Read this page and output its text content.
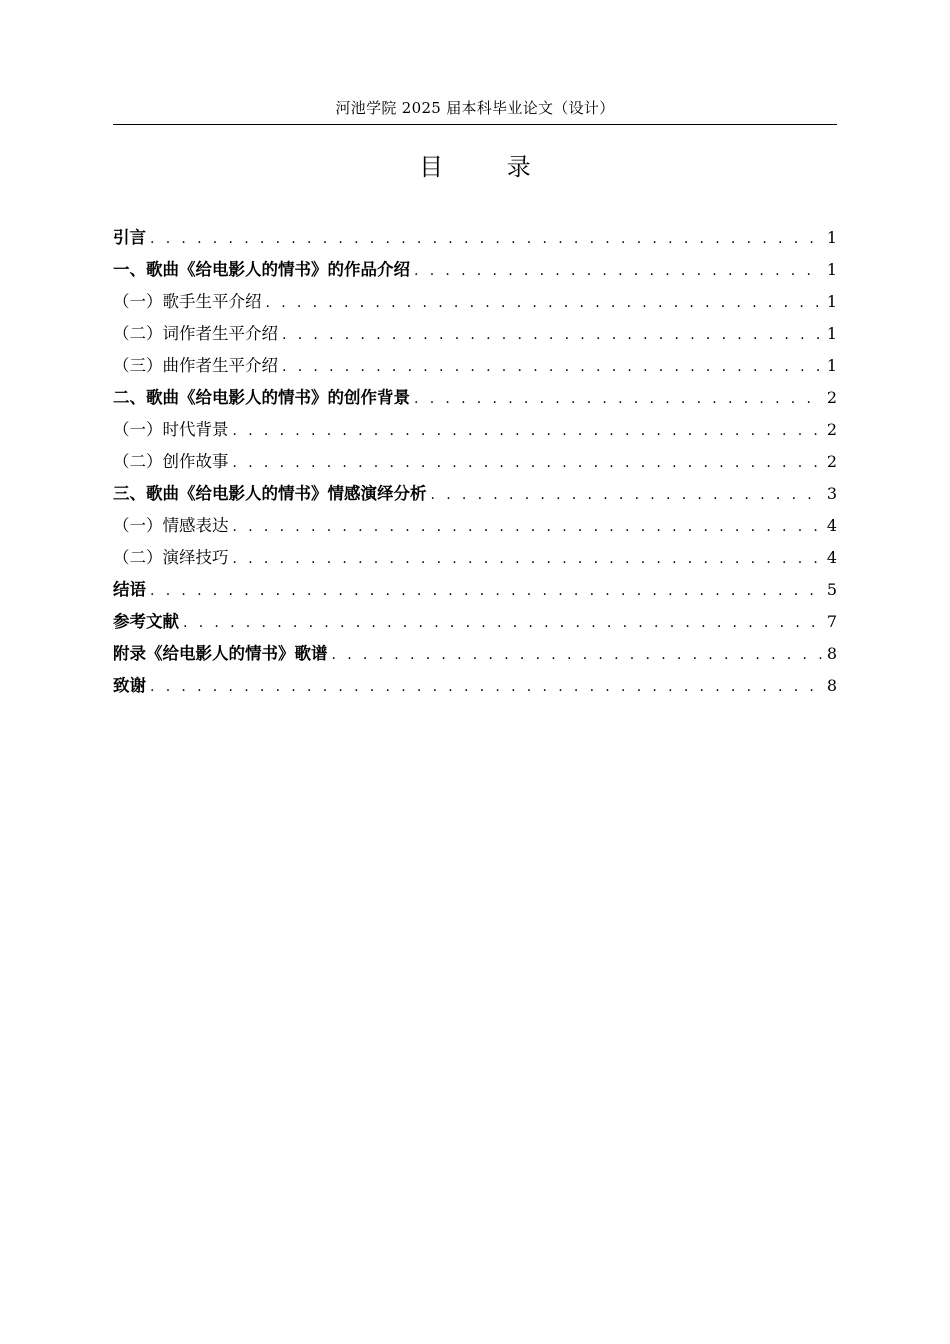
河池学院 2025 届本科毕业论文（设计）
目 录
引言 . . .	1
一、歌曲《给电影人的情书》的作品介绍 . . .	1
（一）歌手生平介绍 . . .	1
（二）词作者生平介绍 . . .	1
（三）曲作者生平介绍 . . .	1
二、歌曲《给电影人的情书》的创作背景 . . .	2
（一）时代背景 . . .	2
（二）创作故事 . . .	2
三、歌曲《给电影人的情书》情感演绎分析 . . .	3
（一）情感表达 . . .	4
（二）演绎技巧 . . .	4
结语 . . .	5
参考文献 . . .	7
附录《给电影人的情书》歌谱 . . .	8
致谢 . . .	8
